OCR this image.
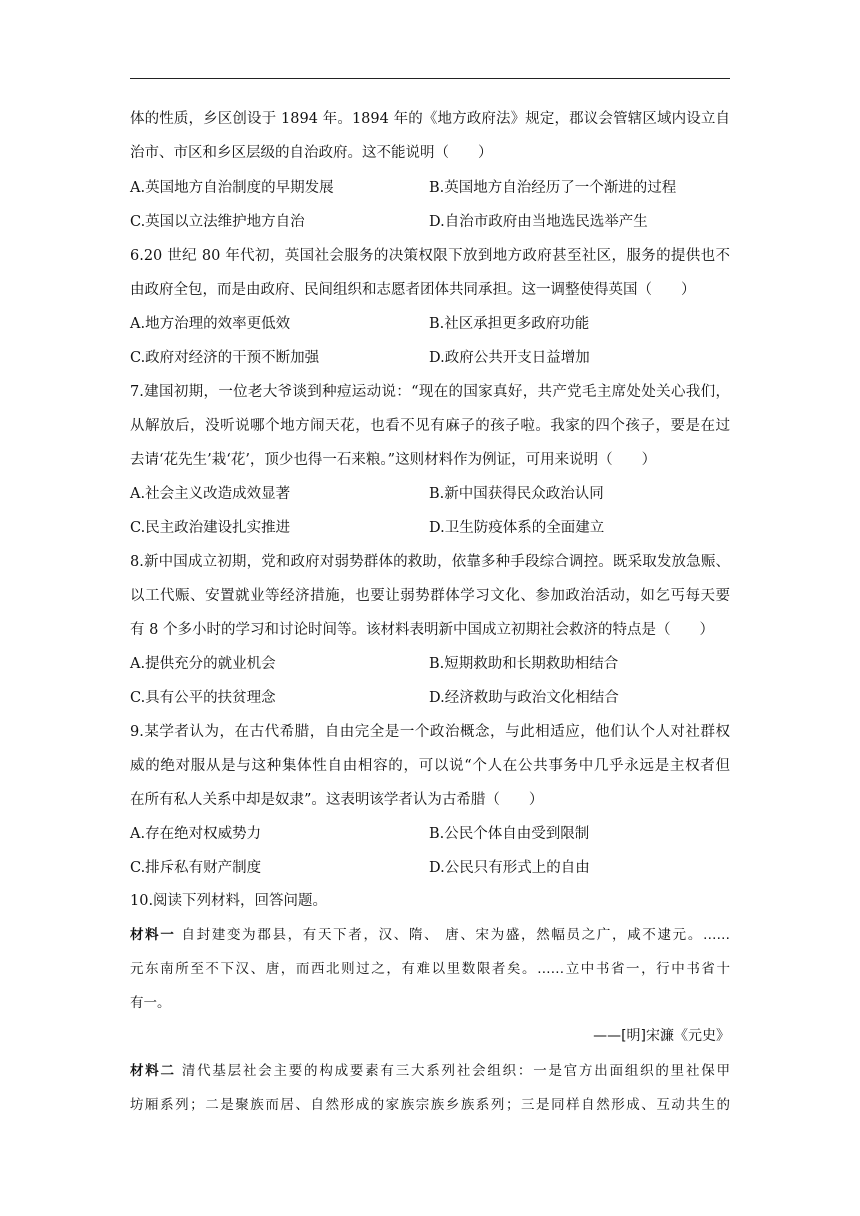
体的性质，乡区创设于 1894 年。1894 年的《地方政府法》规定，郡议会管辖区域内设立自
治市、市区和乡区层级的自治政府。这不能说明（　　）
A.英国地方自治制度的早期发展	B.英国地方自治经历了一个渐进的过程
C.英国以立法维护地方自治	D.自治市政府由当地选民选举产生
6.20 世纪 80 年代初，英国社会服务的决策权限下放到地方政府甚至社区，服务的提供也不
由政府全包，而是由政府、民间组织和志愿者团体共同承担。这一调整使得英国（　　）
A.地方治理的效率更低效	B.社区承担更多政府功能
C.政府对经济的干预不断加强	D.政府公共开支日益增加
7.建国初期，一位老大爷谈到种痘运动说：“现在的国家真好，共产党毛主席处处关心我们，
从解放后，没听说哪个地方闹天花，也看不见有麻子的孩子啦。我家的四个孩子，要是在过
去请‘花先生’栽‘花’，顶少也得一石来粮。”这则材料作为例证，可用来说明（　　）
A.社会主义改造成效显著	B.新中国获得民众政治认同
C.民主政治建设扎实推进	D.卫生防疫体系的全面建立
8.新中国成立初期，党和政府对弱势群体的救助，依靠多种手段综合调控。既采取发放急赈、
以工代赈、安置就业等经济措施，也要让弱势群体学习文化、参加政治活动，如乞丐每天要
有 8 个多小时的学习和讨论时间等。该材料表明新中国成立初期社会救济的特点是（　　）
A.提供充分的就业机会	B.短期救助和长期救助相结合
C.具有公平的扶贫理念	D.经济救助与政治文化相结合
9.某学者认为，在古代希腊，自由完全是一个政治概念，与此相适应，他们认个人对社群权
威的绝对服从是与这种集体性自由相容的，可以说“个人在公共事务中几乎永远是主权者但
在所有私人关系中却是奴隶”。这表明该学者认为古希腊（　　）
A.存在绝对权威势力	B.公民个体自由受到限制
C.排斥私有财产制度	D.公民只有形式上的自由
10.阅读下列材料，回答问题。
材料一 自封建变为郡县，有天下者，汉、隋、 唐、宋为盛，然幅员之广，咸不逮元。……
元东南所至不下汉、唐，而西北则过之，有难以里数限者矣。……立中书省一，行中书省十
有一。
——[明]宋濂《元史》
材料二 清代基层社会主要的构成要素有三大系列社会组织：一是官方出面组织的里社保甲
坊厢系列；二是聚族而居、自然形成的家族宗族乡族系列；三是同样自然形成、互动共生的
